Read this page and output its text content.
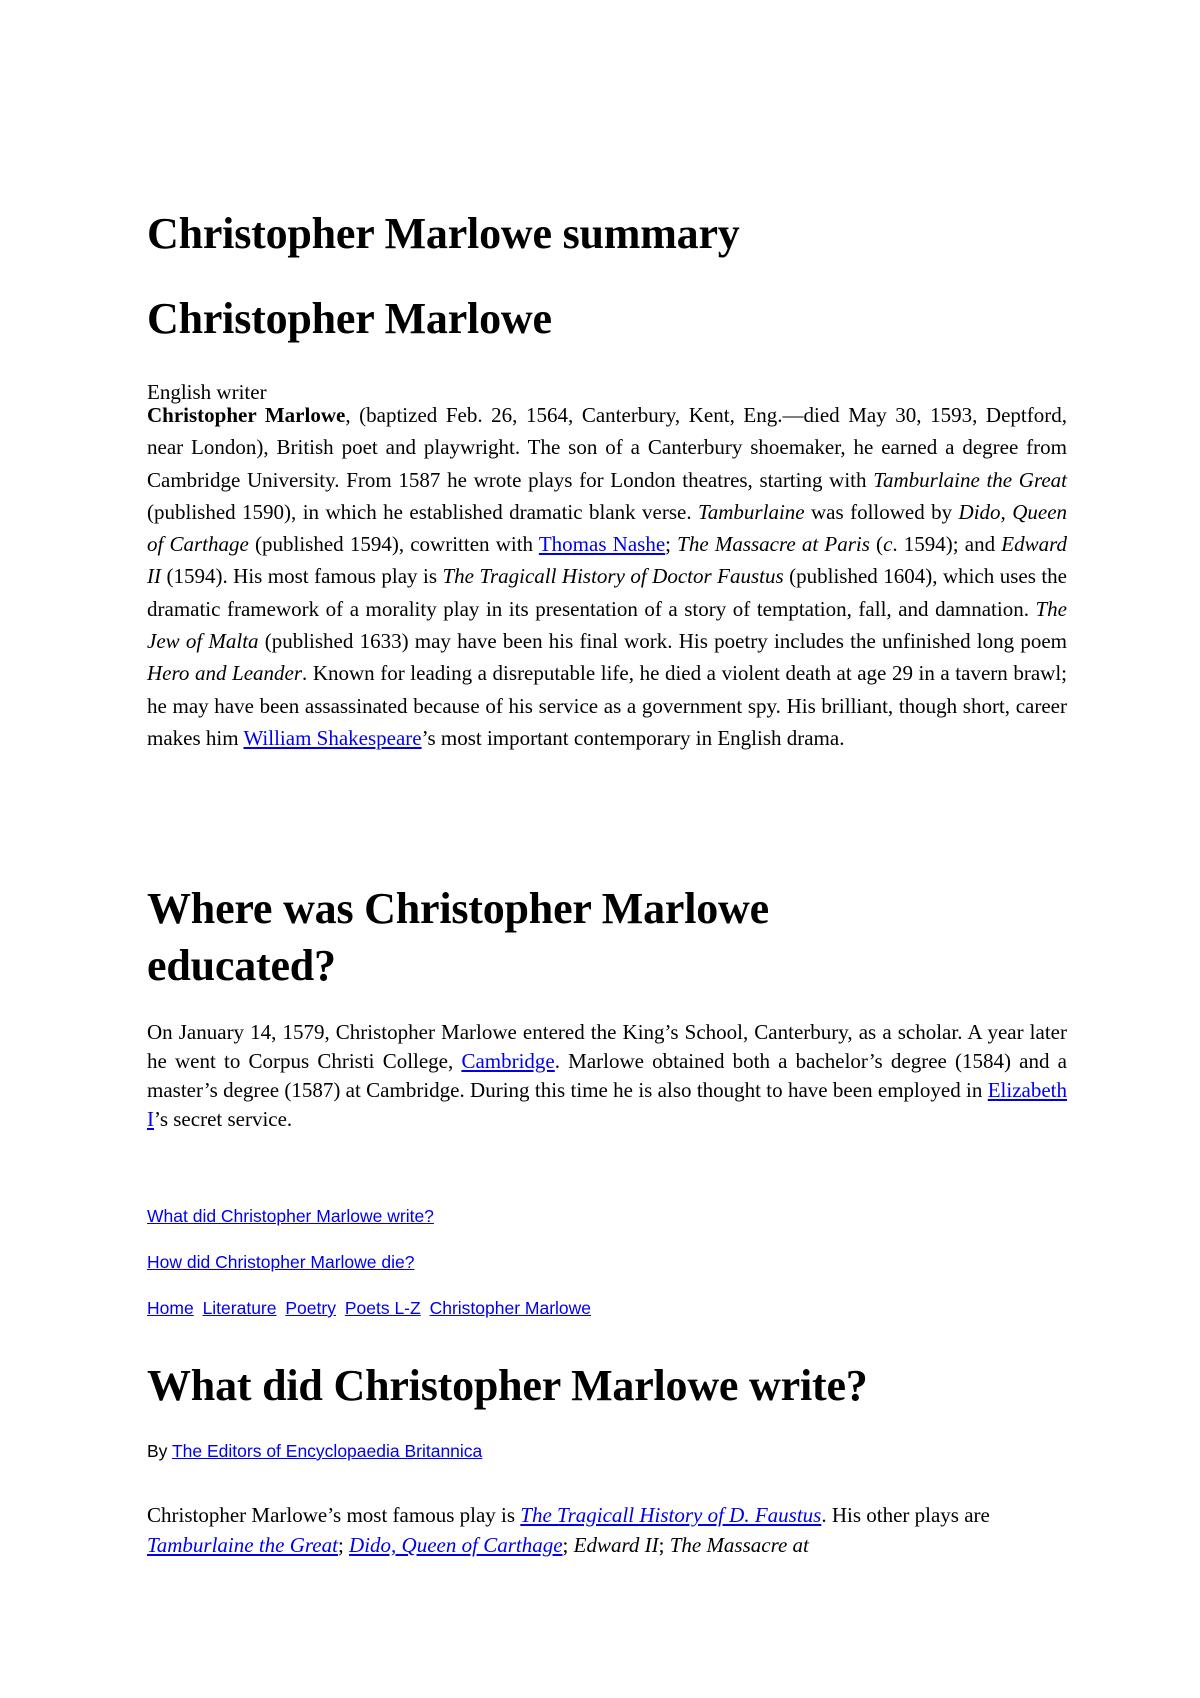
Christopher Marlowe summary
Christopher Marlowe
English writer

Christopher Marlowe, (baptized Feb. 26, 1564, Canterbury, Kent, Eng.—died May 30, 1593, Deptford, near London), British poet and playwright. The son of a Canterbury shoemaker, he earned a degree from Cambridge University. From 1587 he wrote plays for London theatres, starting with Tamburlaine the Great (published 1590), in which he established dramatic blank verse. Tamburlaine was followed by Dido, Queen of Carthage (published 1594), cowritten with Thomas Nashe; The Massacre at Paris (c. 1594); and Edward II (1594). His most famous play is The Tragicall History of Doctor Faustus (published 1604), which uses the dramatic framework of a morality play in its presentation of a story of temptation, fall, and damnation. The Jew of Malta (published 1633) may have been his final work. His poetry includes the unfinished long poem Hero and Leander. Known for leading a disreputable life, he died a violent death at age 29 in a tavern brawl; he may have been assassinated because of his service as a government spy. His brilliant, though short, career makes him William Shakespeare’s most important contemporary in English drama.

Where was Christopher Marlowe educated?

On January 14, 1579, Christopher Marlowe entered the King’s School, Canterbury, as a scholar. A year later he went to Corpus Christi College, Cambridge. Marlowe obtained both a bachelor’s degree (1584) and a master’s degree (1587) at Cambridge. During this time he is also thought to have been employed in Elizabeth I’s secret service.

What did Christopher Marlowe write?
How did Christopher Marlowe die?
Home Literature Poetry Poets L-Z Christopher Marlowe
What did Christopher Marlowe write?
By The Editors of Encyclopaedia Britannica

Christopher Marlowe’s most famous play is The Tragicall History of D. Faustus. His other plays are Tamburlaine the Great; Dido, Queen of Carthage; Edward II; The Massacre at
